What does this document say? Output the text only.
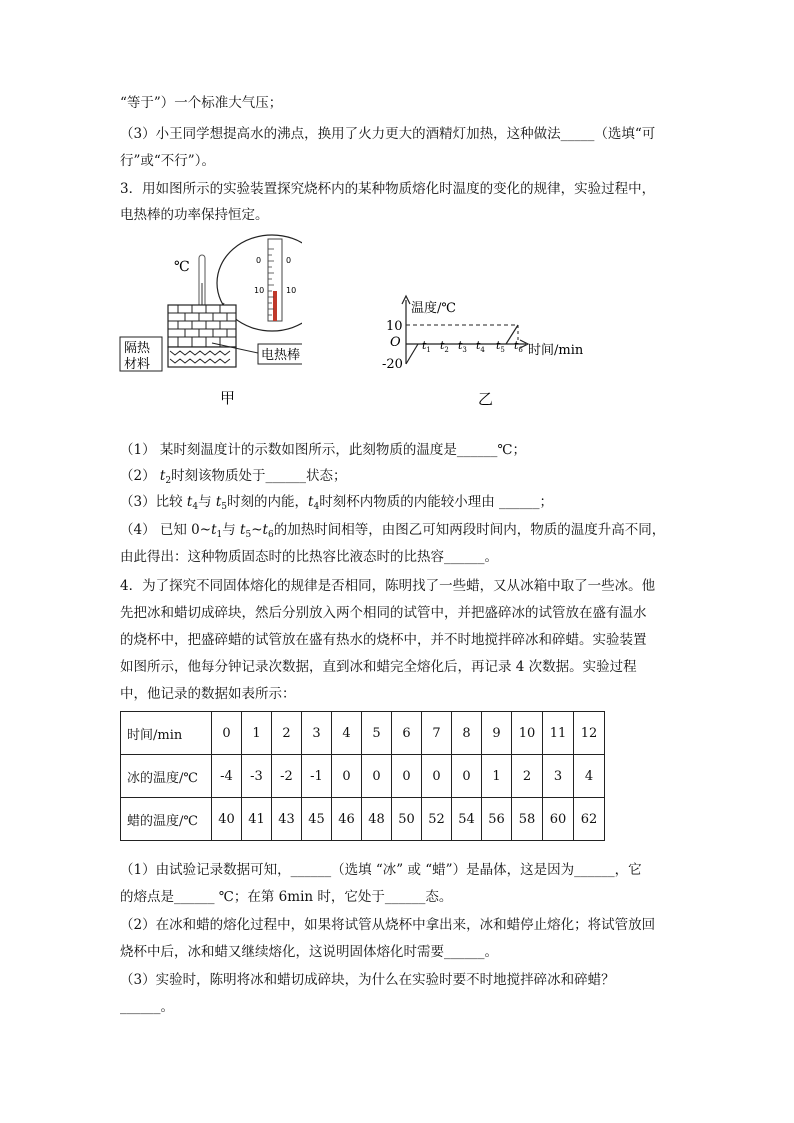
“等于”）一个标准大气压；
（3）小王同学想提高水的沸点，换用了火力更大的酒精灯加热，这种做法_____（选填“可
行”或“不行”）。
3．用如图所示的实验装置探究烧杯内的某种物质熔化时温度的变化的规律，实验过程中，
电热棒的功率保持恒定。
℃	0
10
0
10
隔热
材料
电热棒
甲
温度/℃
10
O
-20
$t_1$ $t_2$ $t_3$ $t_4$ $t_5$ $t_6$ 时间/min
乙
（1） 某时刻温度计的示数如图所示，此刻物质的温度是______℃；
（2） $t_2$时刻该物质处于______状态；
（3）比较 $t_4$与 $t_5$时刻的内能，$t_4$时刻杯内物质的内能较小理由 ______；
（4） 已知 $0\sim t_1$与 $t_5\sim t_6$的加热时间相等，由图乙可知两段时间内，物质的温度升高不同，
由此得出：这种物质固态时的比热容比液态时的比热容______。
4．为了探究不同固体熔化的规律是否相同，陈明找了一些蜡，又从冰箱中取了一些冰。他
先把冰和蜡切成碎块，然后分别放入两个相同的试管中，并把盛碎冰的试管放在盛有温水
的烧杯中，把盛碎蜡的试管放在盛有热水的烧杯中，并不时地搅拌碎冰和碎蜡。实验装置
如图所示，他每分钟记录次数据，直到冰和蜡完全熔化后，再记录 4 次数据。实验过程
中，他记录的数据如表所示：
时间/min	0	1	2	3	4	5	6	7	8	9	10	11	12
冰的温度/℃	-4	-3	-2	-1	0	0	0	0	0	1	2	3	4
蜡的温度/℃	40	41	43	45	46	48	50	52	54	56	58	60	62
（1）由试验记录数据可知，______（选填 “冰” 或 “蜡”）是晶体，这是因为______，它
的熔点是______ ℃；在第 6min 时，它处于______态。
（2）在冰和蜡的熔化过程中，如果将试管从烧杯中拿出来，冰和蜡停止熔化；将试管放回
烧杯中后，冰和蜡又继续熔化，这说明固体熔化时需要______。
（3）实验时，陈明将冰和蜡切成碎块，为什么在实验时要不时地搅拌碎冰和碎蜡？
______。
